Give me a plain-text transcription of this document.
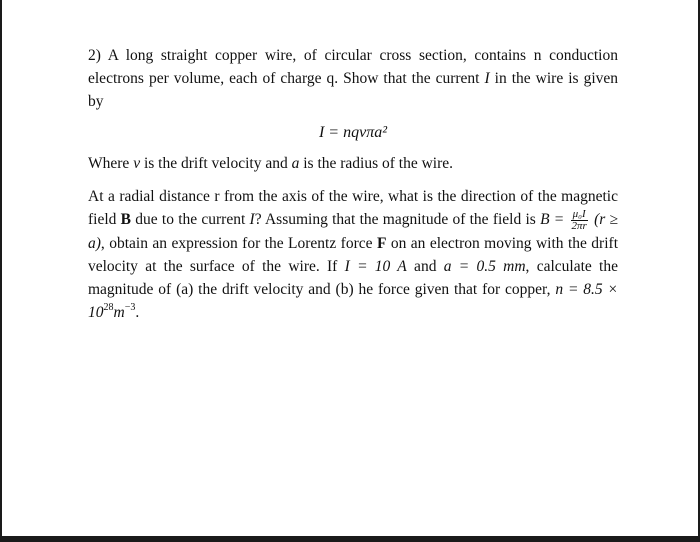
2) A long straight copper wire, of circular cross section, contains n conduction electrons per volume, each of charge q. Show that the current I in the wire is given by

I = nqvπa²

Where v is the drift velocity and a is the radius of the wire.

At a radial distance r from the axis of the wire, what is the direction of the magnetic field B due to the current I? Assuming that the magnitude of the field is $B = \frac{\text{μ₀I}}{2\pi r} (r \ge a)$, obtain an expression for the Lorentz force F on an electron moving with the drift velocity at the surface of the wire. If I = 10 A and a = 0.5 mm, calculate the magnitude of (a) the drift velocity and (b) he force given that for copper, $n = 8.5 \times 10^{28}m^{-3}$.
